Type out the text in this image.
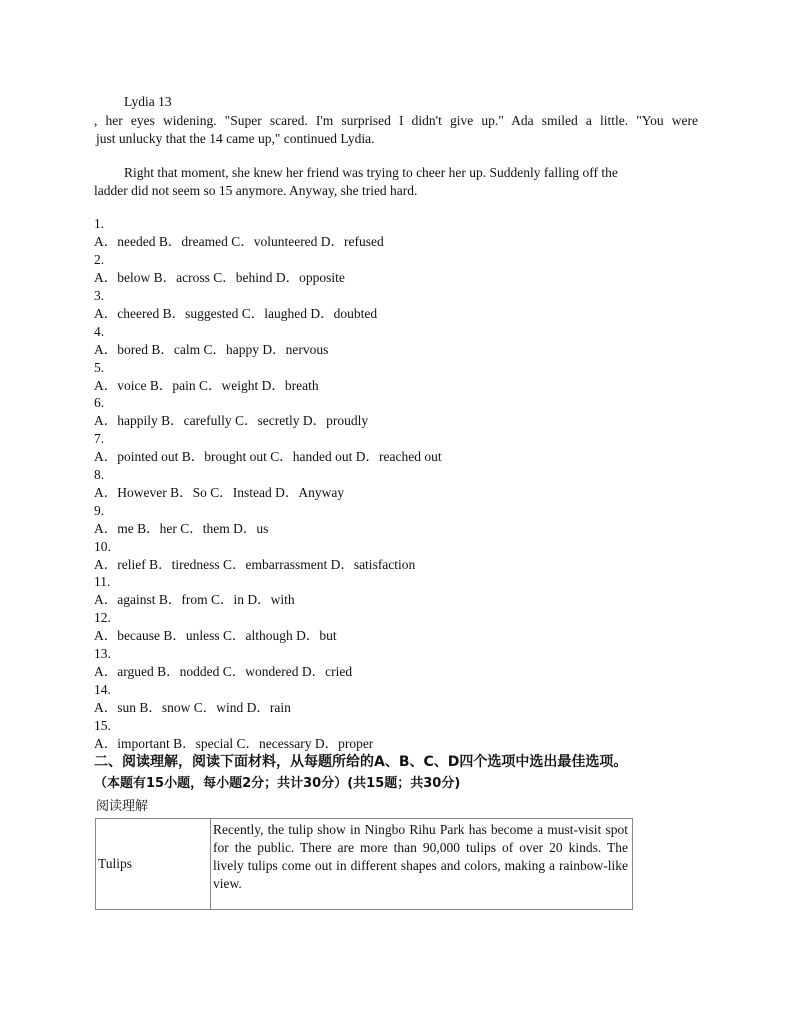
Lydia 13
, her eyes widening. "Super scared. I'm surprised I didn't give up." Ada smiled a little. "You were
just unlucky that the 14 came up," continued Lydia.
Right that moment, she knew her friend was trying to cheer her up. Suddenly falling off the
ladder did not seem so 15 anymore. Anyway, she tried hard.
1.
A．needed B．dreamed C．volunteered D．refused
2.
A．below B．across C．behind D．opposite
3.
A．cheered B．suggested C．laughed D．doubted
4.
A．bored B．calm C．happy D．nervous
5.
A．voice B．pain C．weight D．breath
6.
A．happily B．carefully C．secretly D．proudly
7.
A．pointed out B．brought out C．handed out D．reached out
8.
A．However B．So C．Instead D．Anyway
9.
A．me B．her C．them D．us
10.
A．relief B．tiredness C．embarrassment D．satisfaction
11.
A．against B．from C．in D．with
12.
A．because B．unless C．although D．but
13.
A．argued B．nodded C．wondered D．cried
14.
A．sun B．snow C．wind D．rain
15.
A．important B．special C．necessary D．proper
二、阅读理解，阅读下面材料，从每题所给的A、B、C、D四个选项中选出最佳选项。
（本题有15小题，每小题2分；共计30分）(共15题；共30分)
阅读理解
Tulips	Recently, the tulip show in Ningbo Rihu Park has become a must-visit spot for the public. There are more than 90,000 tulips of over 20 kinds. The lively tulips come out in different shapes and colors, making a rainbow-like view.
